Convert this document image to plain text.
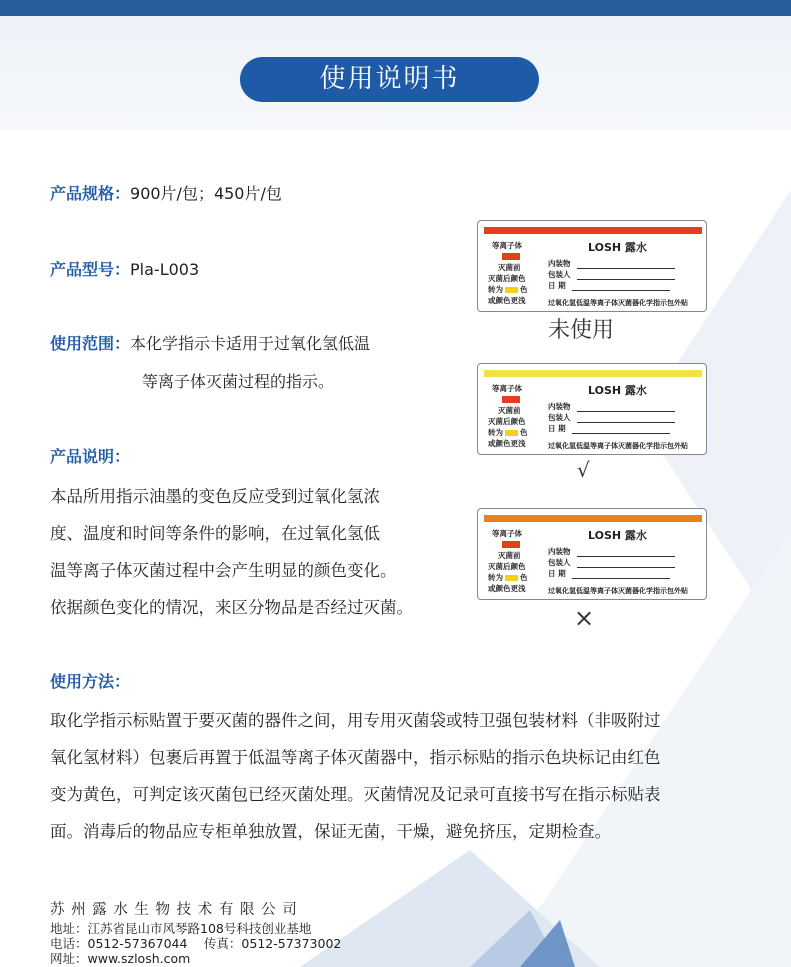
使用说明书
产品规格：900片/包；450片/包
产品型号：Pla-L003
使用范围：本化学指示卡适用于过氧化氢低温
等离子体灭菌过程的指示。
产品说明：
本品所用指示油墨的变色反应受到过氧化氢浓
度、温度和时间等条件的影响，在过氧化氢低
温等离子体灭菌过程中会产生明显的颜色变化。
依据颜色变化的情况，来区分物品是否经过灭菌。
使用方法：
取化学指示标贴置于要灭菌的器件之间，用专用灭菌袋或特卫强包装材料（非吸附过
氧化氢材料）包裹后再置于低温等离子体灭菌器中，指示标贴的指示色块标记由红色
变为黄色，可判定该灭菌包已经灭菌处理。灭菌情况及记录可直接书写在指示标贴表
面。消毒后的物品应专柜单独放置，保证无菌，干燥，避免挤压，定期检查。
等离子体
灭菌前
灭菌后颜色
转为 色
或颜色更浅
LOSH 露水
内装物
包装人
日 期
过氧化氢低温等离子体灭菌器化学指示包外贴
未使用
等离子体
灭菌前
灭菌后颜色
转为 色
或颜色更浅
LOSH 露水
内装物
包装人
日 期
过氧化氢低温等离子体灭菌器化学指示包外贴
√
等离子体
灭菌前
灭菌后颜色
转为 色
或颜色更浅
LOSH 露水
内装物
包装人
日 期
过氧化氢低温等离子体灭菌器化学指示包外贴
×
苏 州 露 水 生 物 技 术 有 限 公 司
地址：江苏省昆山市风琴路108号科技创业基地
电话：0512-57367044　 传真：0512-57373002
网址：www.szlosh.com
